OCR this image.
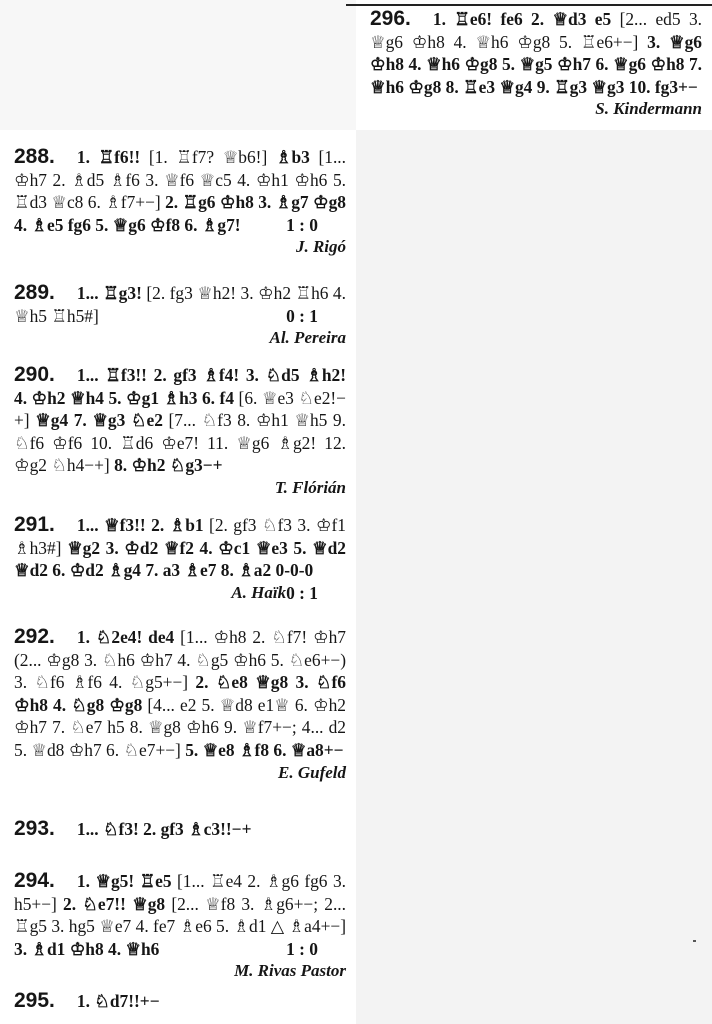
296. 1. ♖e6! fe6 2. ♕d3 e5 [2... ed5 3. ♕g6 ♔h8 4. ♕h6 ♔g8 5. ♖e6+−] 3. ♕g6 ♔h8 4. ♕h6 ♔g8 5. ♕g5 ♔h7 6. ♕g6 ♔h8 7. ♕h6 ♔g8 8. ♖e3 ♕g4 9. ♖g3 ♕g3 10. fg3+−
S. Kindermann
288. 1. ♖f6!! [1. ♖f7? ♕b6!] ♗b3 [1... ♔h7 2. ♗d5 ♗f6 3. ♕f6 ♕c5 4. ♔h1 ♔h6 5. ♖d3 ♕c8 6. ♗f7+−] 2. ♖g6 ♔h8 3. ♗g7 ♔g8 4. ♗e5 fg6 5. ♕g6 ♔f8 6. ♗g7!	1 : 0
J. Rigó
289. 1... ♖g3! [2. fg3 ♕h2! 3. ♔h2 ♖h6 4. ♕h5 ♖h5#]	0 : 1
Al. Pereira
290. 1... ♖f3!! 2. gf3 ♗f4! 3. ♘d5 ♗h2! 4. ♔h2 ♕h4 5. ♔g1 ♗h3 6. f4 [6. ♕e3 ♘e2!−+] ♕g4 7. ♕g3 ♘e2 [7... ♘f3 8. ♔h1 ♕h5 9. ♘f6 ♔f6 10. ♖d6 ♔e7! 11. ♕g6 ♗g2! 12. ♔g2 ♘h4−+] 8. ♔h2 ♘g3−+
T. Flórián
291. 1... ♕f3!! 2. ♗b1 [2. gf3 ♘f3 3. ♔f1 ♗h3#] ♕g2 3. ♔d2 ♕f2 4. ♔c1 ♕e3 5. ♕d2 ♕d2 6. ♔d2 ♗g4 7. a3 ♗e7 8. ♗a2 0-0-0
0 : 1
A. Haïk
292. 1. ♘2e4! de4 [1... ♔h8 2. ♘f7! ♔h7 (2... ♔g8 3. ♘h6 ♔h7 4. ♘g5 ♔h6 5. ♘e6+−) 3. ♘f6 ♗f6 4. ♘g5+−] 2. ♘e8 ♕g8 3. ♘f6 ♔h8 4. ♘g8 ♔g8 [4... e2 5. ♕d8 e1♕ 6. ♔h2 ♔h7 7. ♘e7 h5 8. ♕g8 ♔h6 9. ♕f7+−; 4... d2 5. ♕d8 ♔h7 6. ♘e7+−] 5. ♕e8 ♗f8 6. ♕a8+−
E. Gufeld
293. 1... ♘f3! 2. gf3 ♗c3!!−+
294. 1. ♕g5! ♖e5 [1... ♖e4 2. ♗g6 fg6 3. h5+−] 2. ♘e7!! ♕g8 [2... ♕f8 3. ♗g6+−; 2... ♖g5 3. hg5 ♕e7 4. fe7 ♗e6 5. ♗d1 △ ♗a4+−] 3. ♗d1 ♔h8 4. ♕h6	1 : 0
M. Rivas Pastor
295. 1. ♘d7!!+−
